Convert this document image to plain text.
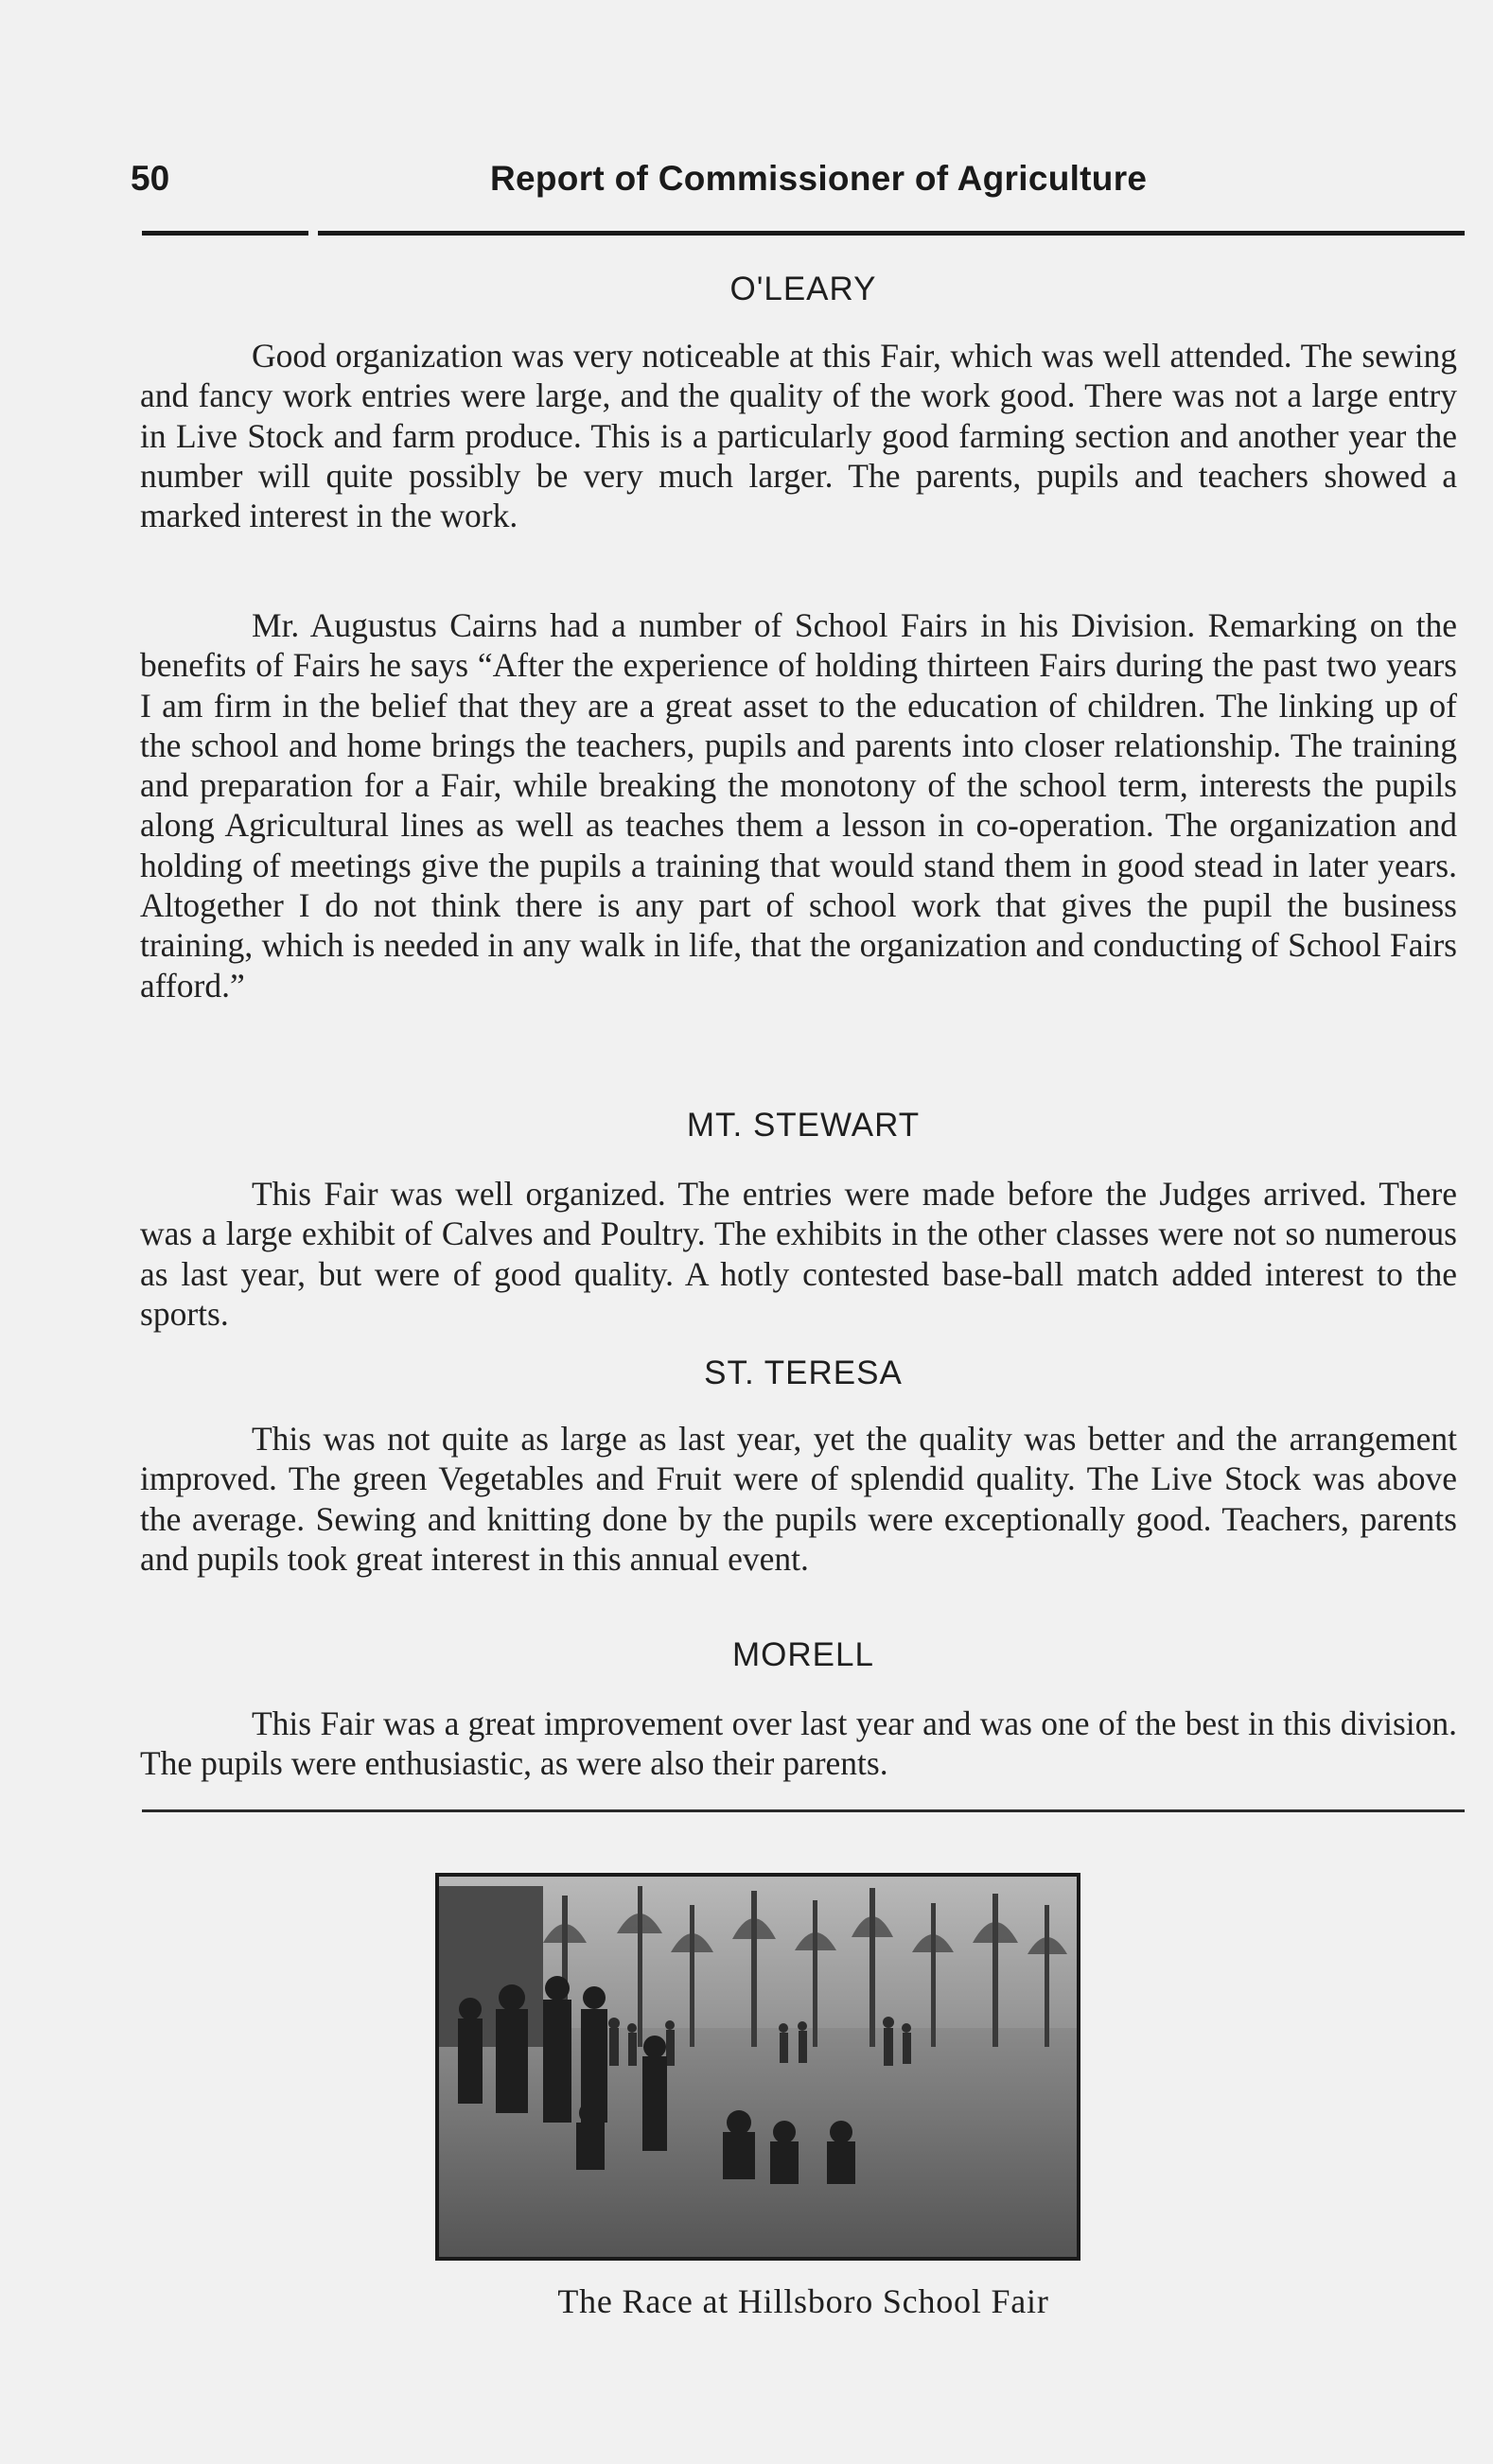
50	Report of Commissioner of Agriculture
O'LEARY

Good organization was very noticeable at this Fair, which was well attended. The sewing and fancy work entries were large, and the quality of the work good. There was not a large entry in Live Stock and farm produce. This is a particularly good farming section and another year the number will quite possibly be very much larger. The parents, pupils and teachers showed a marked interest in the work.

Mr. Augustus Cairns had a number of School Fairs in his Division. Remarking on the benefits of Fairs he says “After the experience of holding thirteen Fairs during the past two years I am firm in the belief that they are a great asset to the education of children. The linking up of the school and home brings the teachers, pupils and parents into closer relationship. The training and preparation for a Fair, while breaking the monotony of the school term, interests the pupils along Agricultural lines as well as teaches them a lesson in co-operation. The organization and holding of meetings give the pupils a training that would stand them in good stead in later years. Altogether I do not think there is any part of school work that gives the pupil the business training, which is needed in any walk in life, that the organization and conducting of School Fairs afford.”

MT. STEWART

This Fair was well organized. The entries were made before the Judges arrived. There was a large exhibit of Calves and Poultry. The exhibits in the other classes were not so numerous as last year, but were of good quality. A hotly contested base-ball match added interest to the sports.

ST. TERESA

This was not quite as large as last year, yet the quality was better and the arrangement improved. The green Vegetables and Fruit were of splendid quality. The Live Stock was above the average. Sewing and knitting done by the pupils were exceptionally good. Teachers, parents and pupils took great interest in this annual event.

MORELL

This Fair was a great improvement over last year and was one of the best in this division. The pupils were enthusiastic, as were also their parents.

The Race at Hillsboro School Fair
